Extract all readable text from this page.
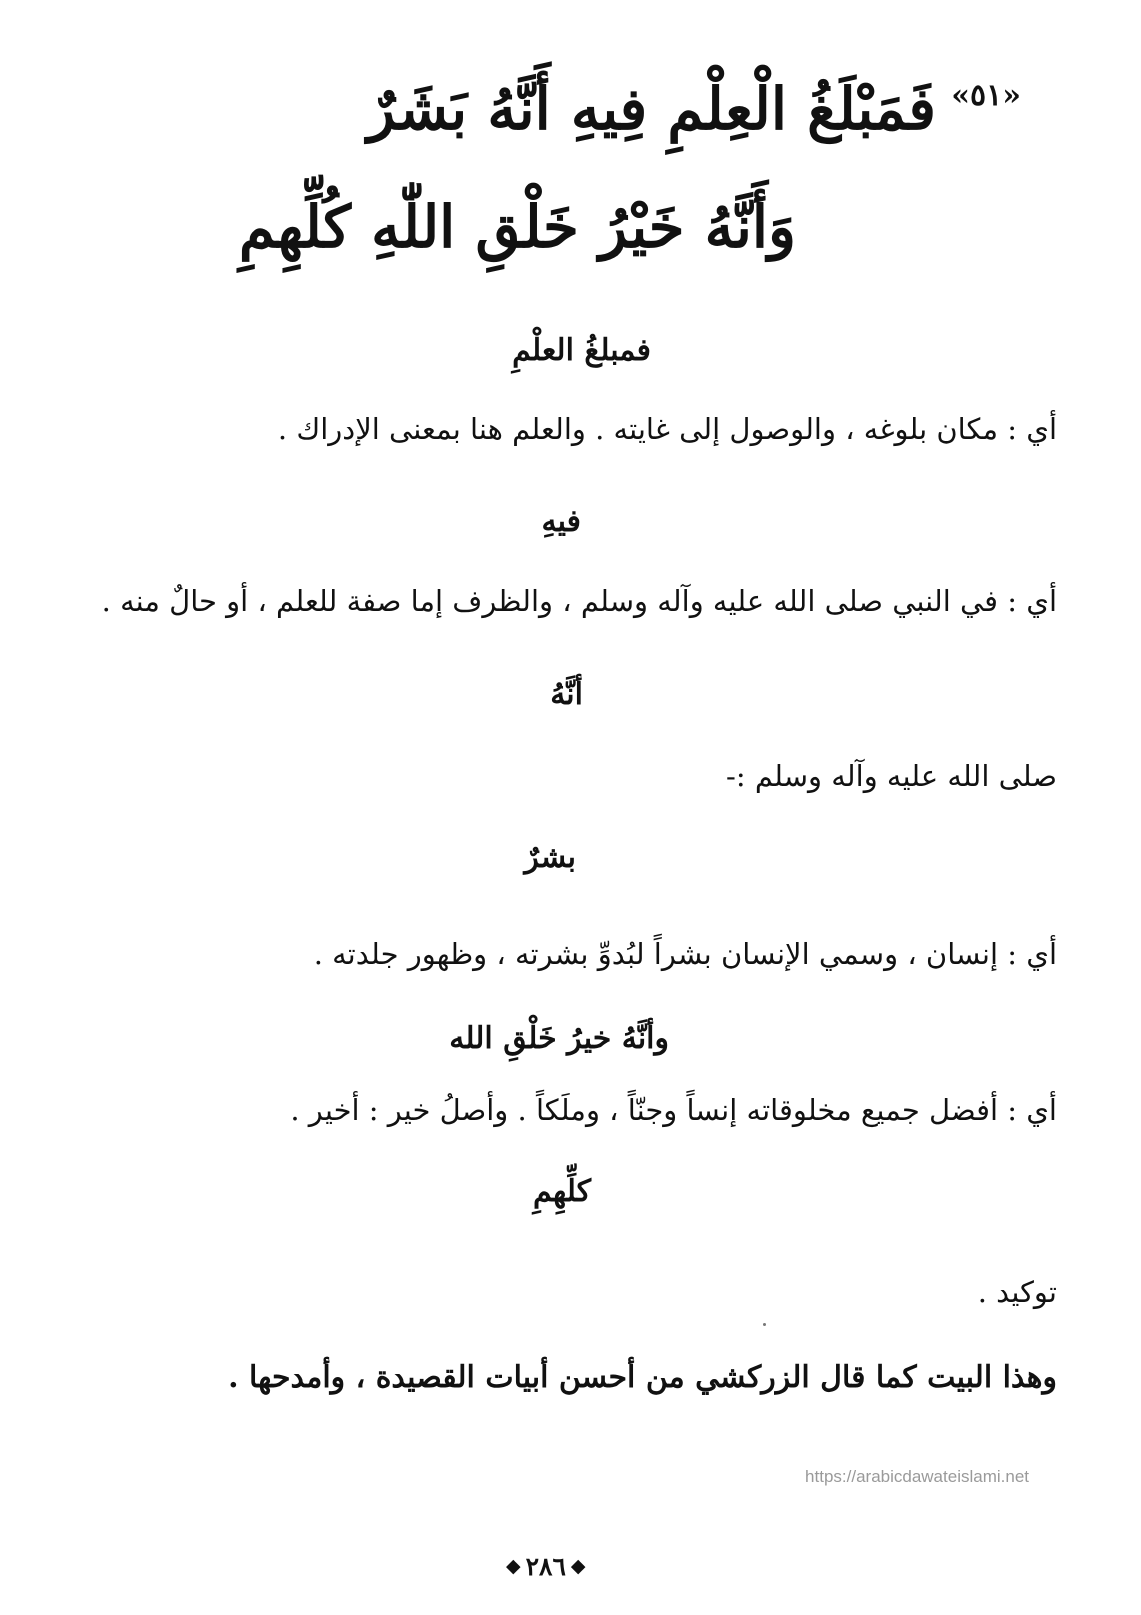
«٥١»
فَمَبْلَغُ الْعِلْمِ فِيهِ أَنَّهُ بَشَرٌ
وَأَنَّهُ خَيْرُ خَلْقِ اللّٰهِ كُلِّهِمِ
فمبلغُ العلْمِ
أي : مكان بلوغه ، والوصول إلى غايته . والعلم هنا بمعنى الإدراك .
فيهِ
أي : في النبي صلى الله عليه وآله وسلم ، والظرف إما صفة للعلم ، أو حالٌ منه .
أنَّهُ
صلى الله عليه وآله وسلم :-
بشرٌ
أي : إنسان ، وسمي الإنسان بشراً لبُدوِّ بشرته ، وظهور جلدته .
وأنَّهُ خيرُ خَلْقِ الله
أي : أفضل جميع مخلوقاته إنساً وجنّاً ، وملَكاً . وأصلُ خير : أخير .
كلِّهِمِ
توكيد .
وهذا البيت كما قال الزركشي من أحسن أبيات القصيدة ، وأمدحها .
https://arabicdawateislami.net
◆ ٢٨٦ ◆
